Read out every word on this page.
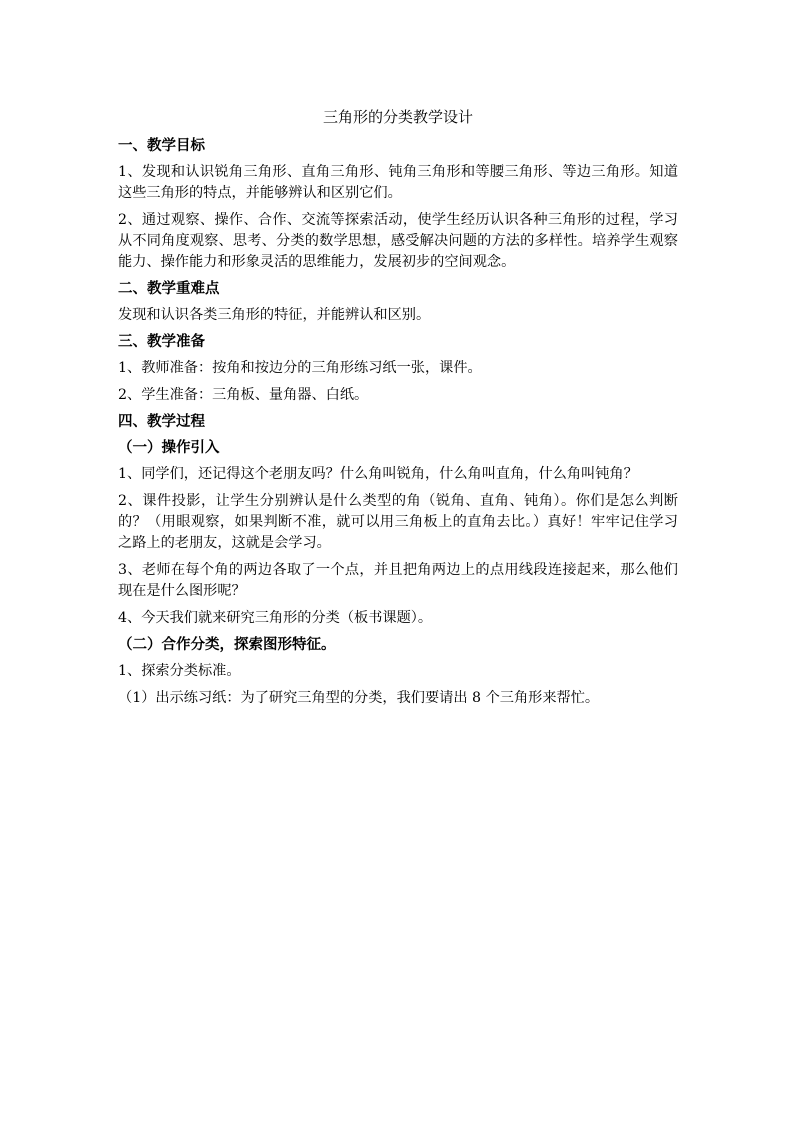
三角形的分类教学设计
一、教学目标
1、发现和认识锐角三角形、直角三角形、钝角三角形和等腰三角形、等边三角形。知道这些三角形的特点，并能够辨认和区别它们。
2、通过观察、操作、合作、交流等探索活动，使学生经历认识各种三角形的过程，学习从不同角度观察、思考、分类的数学思想，感受解决问题的方法的多样性。培养学生观察能力、操作能力和形象灵活的思维能力，发展初步的空间观念。
二、教学重难点
发现和认识各类三角形的特征，并能辨认和区别。
三、教学准备
1、教师准备：按角和按边分的三角形练习纸一张，课件。
2、学生准备：三角板、量角器、白纸。
四、教学过程
（一）操作引入
1、同学们，还记得这个老朋友吗？什么角叫锐角，什么角叫直角，什么角叫钝角？
2、课件投影，让学生分别辨认是什么类型的角（锐角、直角、钝角）。你们是怎么判断的？（用眼观察，如果判断不准，就可以用三角板上的直角去比。）真好！牢牢记住学习之路上的老朋友，这就是会学习。
3、老师在每个角的两边各取了一个点，并且把角两边上的点用线段连接起来，那么他们现在是什么图形呢？
4、今天我们就来研究三角形的分类（板书课题）。
（二）合作分类，探索图形特征。
1、探索分类标准。
（1）出示练习纸：为了研究三角型的分类，我们要请出 8 个三角形来帮忙。
